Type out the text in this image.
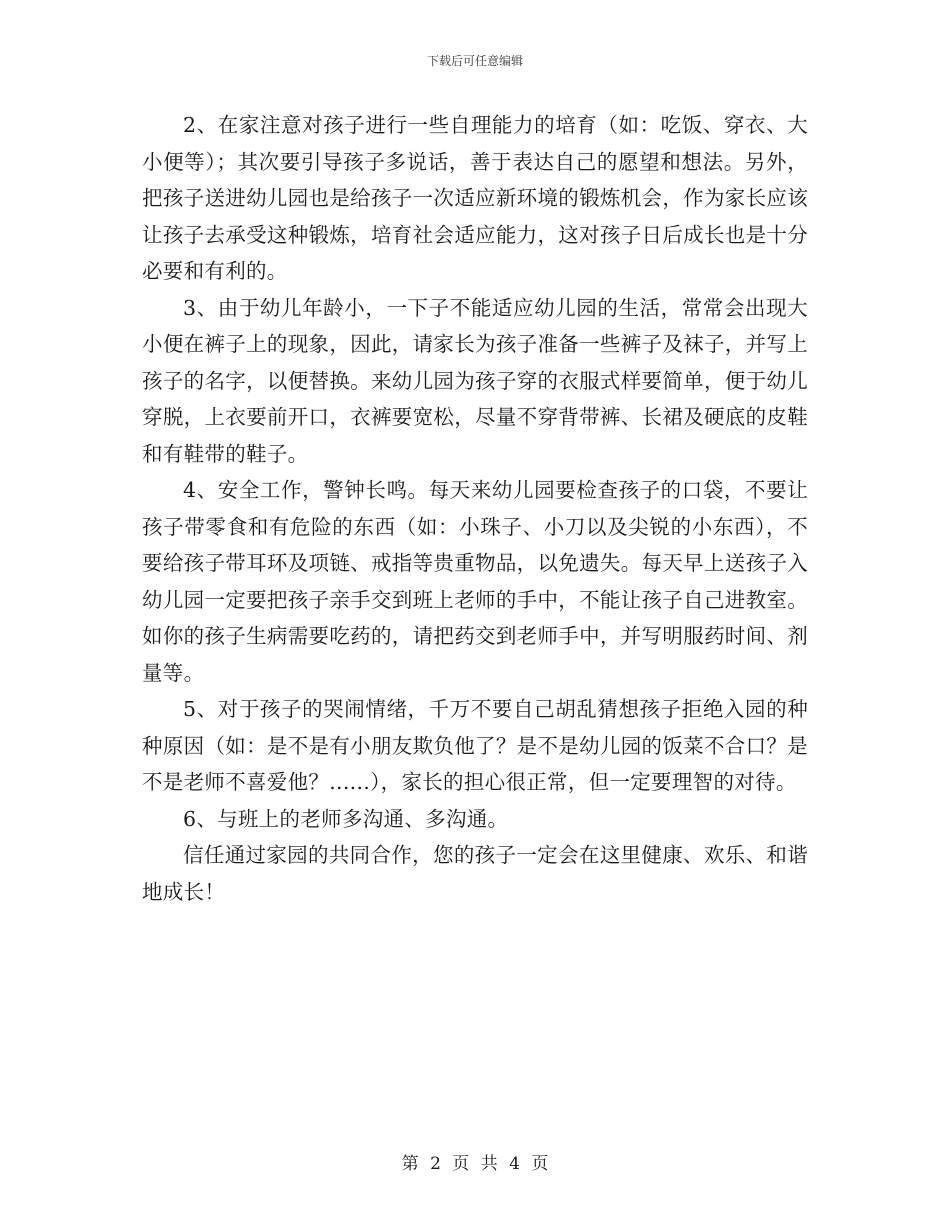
下载后可任意编辑

2、在家注意对孩子进行一些自理能力的培育（如：吃饭、穿衣、大小便等）；其次要引导孩子多说话，善于表达自己的愿望和想法。另外，把孩子送进幼儿园也是给孩子一次适应新环境的锻炼机会，作为家长应该让孩子去承受这种锻炼，培育社会适应能力，这对孩子日后成长也是十分必要和有利的。

3、由于幼儿年龄小，一下子不能适应幼儿园的生活，常常会出现大小便在裤子上的现象，因此，请家长为孩子准备一些裤子及袜子，并写上孩子的名字，以便替换。来幼儿园为孩子穿的衣服式样要简单，便于幼儿穿脱，上衣要前开口，衣裤要宽松，尽量不穿背带裤、长裙及硬底的皮鞋和有鞋带的鞋子。

4、安全工作，警钟长鸣。每天来幼儿园要检查孩子的口袋，不要让孩子带零食和有危险的东西（如：小珠子、小刀以及尖锐的小东西），不要给孩子带耳环及项链、戒指等贵重物品，以免遗失。每天早上送孩子入幼儿园一定要把孩子亲手交到班上老师的手中，不能让孩子自己进教室。如你的孩子生病需要吃药的，请把药交到老师手中，并写明服药时间、剂量等。

5、对于孩子的哭闹情绪，千万不要自己胡乱猜想孩子拒绝入园的种种原因（如：是不是有小朋友欺负他了？是不是幼儿园的饭菜不合口？是不是老师不喜爱他？......），家长的担心很正常，但一定要理智的对待。

6、与班上的老师多沟通、多沟通。

信任通过家园的共同合作，您的孩子一定会在这里健康、欢乐、和谐地成长！

第 2 页 共 4 页
